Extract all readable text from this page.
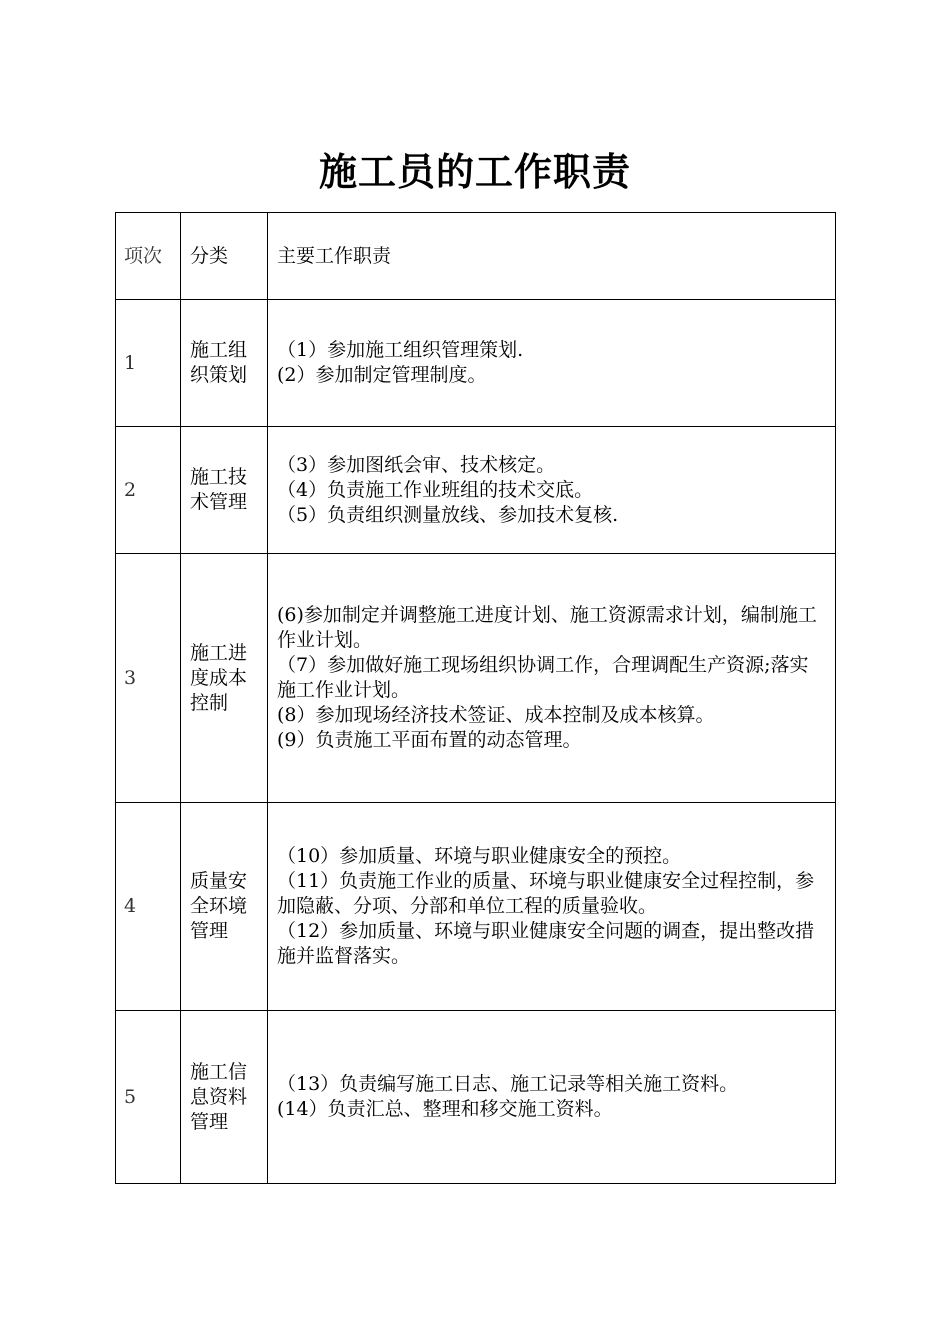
施工员的工作职责
项次	分类	主要工作职责
1	施工组织策划	（1）参加施工组织管理策划.
(2）参加制定管理制度。

2	施工技术管理	（3）参加图纸会审、技术核定。
（4）负责施工作业班组的技术交底。
（5）负责组织测量放线、参加技术复核.

3	施工进度成本控制	(6)参加制定并调整施工进度计划、施工资源需求计划，编制施工作业计划。
（7）参加做好施工现场组织协调工作，合理调配生产资源;落实施工作业计划。
(8）参加现场经济技术签证、成本控制及成本核算。
(9）负责施工平面布置的动态管理。

4	质量安全环境管理	（10）参加质量、环境与职业健康安全的预控。
（11）负责施工作业的质量、环境与职业健康安全过程控制，参加隐蔽、分项、分部和单位工程的质量验收。
（12）参加质量、环境与职业健康安全问题的调查，提出整改措施并监督落实。

5	施工信息资料管理	（13）负责编写施工日志、施工记录等相关施工资料。
(14）负责汇总、整理和移交施工资料。
